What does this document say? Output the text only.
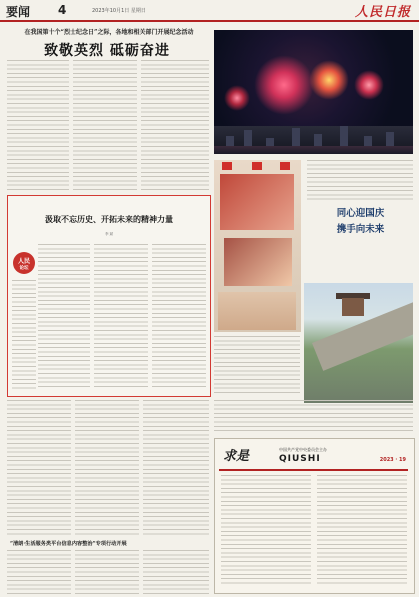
要闻 4	2023年10月1日 星期日	人民日报
在我国第十个“烈士纪念日”之际，各地和相关部门开展纪念活动
致敬英烈 砥砺奋进
汲取不忘历史、开拓未来的精神力量
李 斌
人民
论坛
同心迎国庆
携手向未来
“清朗·生活服务类平台信息内容整治”专项行动开展
求是	中国共产党中央委员会主办
QIUSHI	2023 · 19
